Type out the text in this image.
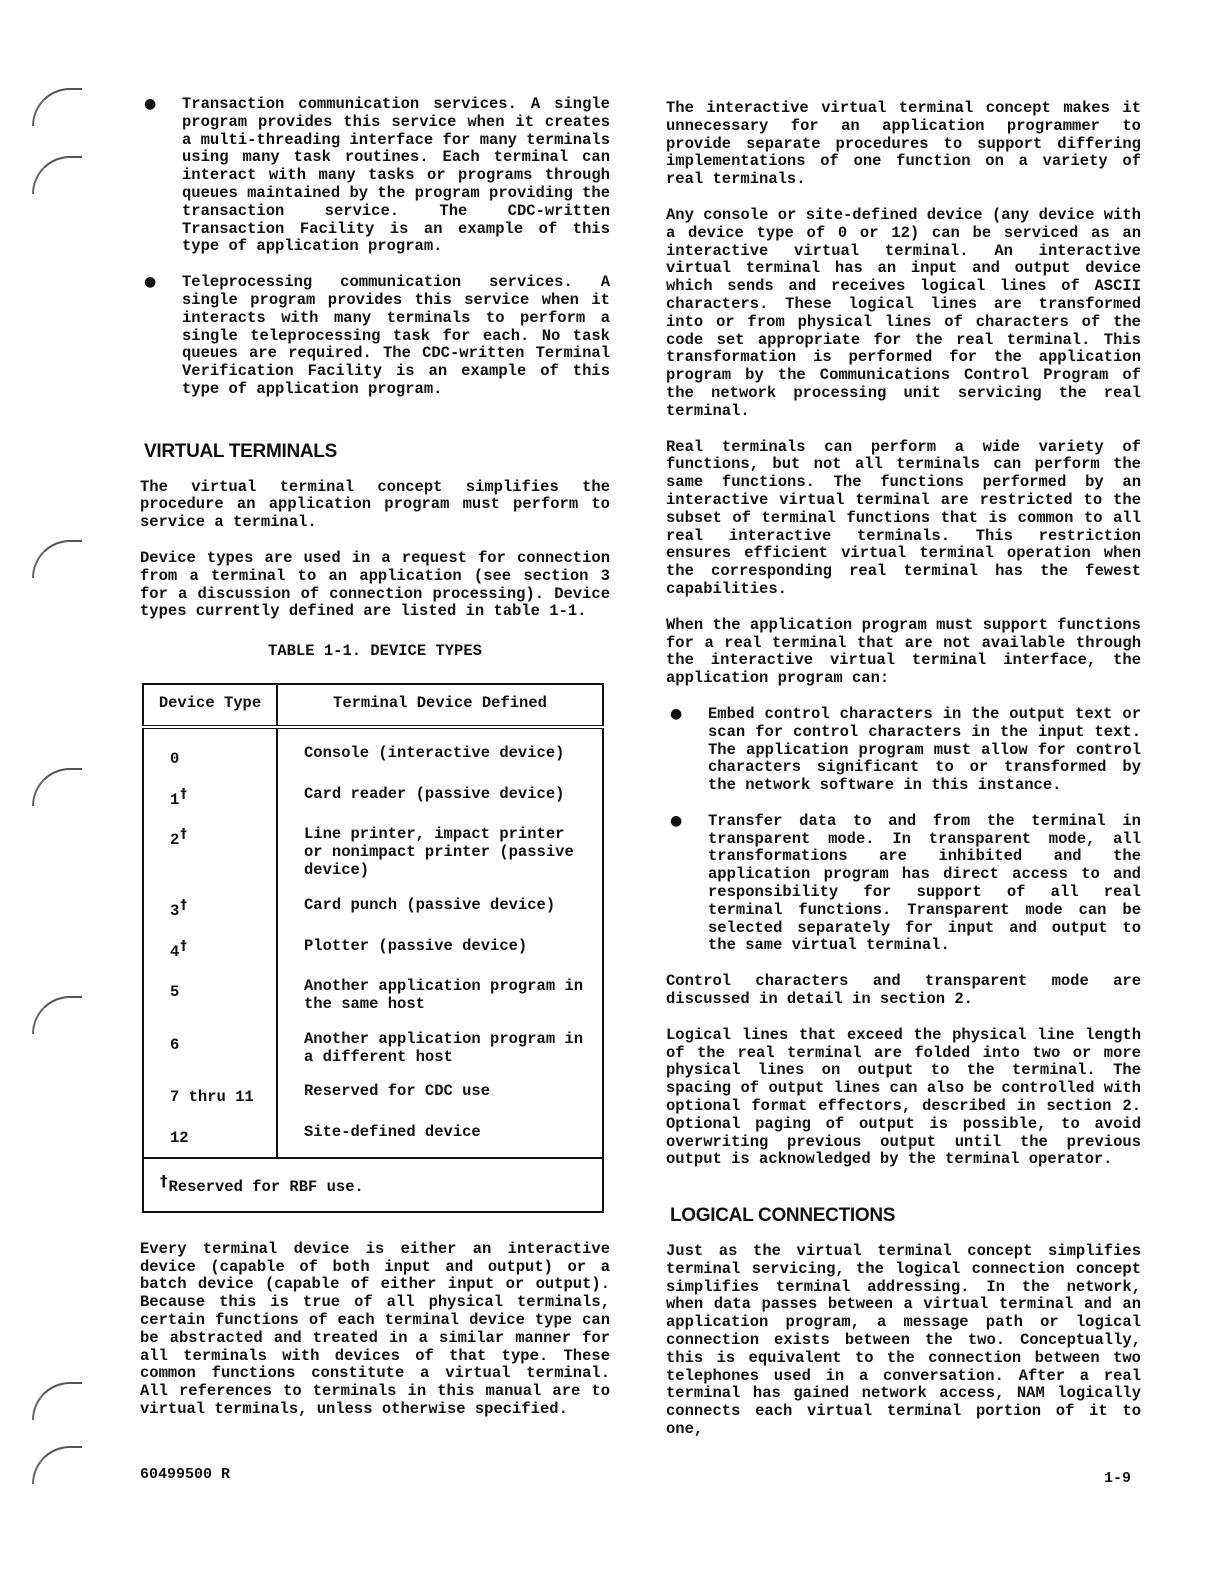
● Transaction communication services. A single program provides this service when it creates a multi-threading interface for many terminals using many task routines. Each terminal can interact with many tasks or programs through queues maintained by the program providing the transaction service. The CDC-written Transaction Facility is an example of this type of application program.
● Teleprocessing communication services. A single program provides this service when it interacts with many terminals to perform a single teleprocessing task for each. No task queues are required. The CDC-written Terminal Verification Facility is an example of this type of application program.
VIRTUAL TERMINALS

The virtual terminal concept simplifies the procedure an application program must perform to service a terminal.

Device types are used in a request for connection from a terminal to an application (see section 3 for a discussion of connection processing). Device types currently defined are listed in table 1-1.

TABLE 1-1. DEVICE TYPES
Device Type	Terminal Device Defined
0	Console (interactive device)
1†	Card reader (passive device)
2†	Line printer, impact printer or nonimpact printer (passive device)
3†	Card punch (passive device)
4†	Plotter (passive device)
5	Another application program in the same host
6	Another application program in a different host
7 thru 11	Reserved for CDC use
12	Site-defined device
†Reserved for RBF use.	

Every terminal device is either an interactive device (capable of both input and output) or a batch device (capable of either input or output). Because this is true of all physical terminals, certain functions of each terminal device type can be abstracted and treated in a similar manner for all terminals with devices of that type. These common functions constitute a virtual terminal. All references to terminals in this manual are to virtual terminals, unless otherwise specified.

The interactive virtual terminal concept makes it unnecessary for an application programmer to provide separate procedures to support differing implementations of one function on a variety of real terminals.

Any console or site-defined device (any device with a device type of 0 or 12) can be serviced as an interactive virtual terminal. An interactive virtual terminal has an input and output device which sends and receives logical lines of ASCII characters. These logical lines are transformed into or from physical lines of characters of the code set appropriate for the real terminal. This transformation is performed for the application program by the Communications Control Program of the network processing unit servicing the real terminal.

Real terminals can perform a wide variety of functions, but not all terminals can perform the same functions. The functions performed by an interactive virtual terminal are restricted to the subset of terminal functions that is common to all real interactive terminals. This restriction ensures efficient virtual terminal operation when the corresponding real terminal has the fewest capabilities.

When the application program must support functions for a real terminal that are not available through the interactive virtual terminal interface, the application program can:

● Embed control characters in the output text or scan for control characters in the input text. The application program must allow for control characters significant to or transformed by the network software in this instance.
● Transfer data to and from the terminal in transparent mode. In transparent mode, all transformations are inhibited and the application program has direct access to and responsibility for support of all real terminal functions. Transparent mode can be selected separately for input and output to the same virtual terminal.

Control characters and transparent mode are discussed in detail in section 2.

Logical lines that exceed the physical line length of the real terminal are folded into two or more physical lines on output to the terminal. The spacing of output lines can also be controlled with optional format effectors, described in section 2. Optional paging of output is possible, to avoid overwriting previous output until the previous output is acknowledged by the terminal operator.

LOGICAL CONNECTIONS

Just as the virtual terminal concept simplifies terminal servicing, the logical connection concept simplifies terminal addressing. In the network, when data passes between a virtual terminal and an application program, a message path or logical connection exists between the two. Conceptually, this is equivalent to the connection between two telephones used in a conversation. After a real terminal has gained network access, NAM logically connects each virtual terminal portion of it to one,

60499500 R	1-9
